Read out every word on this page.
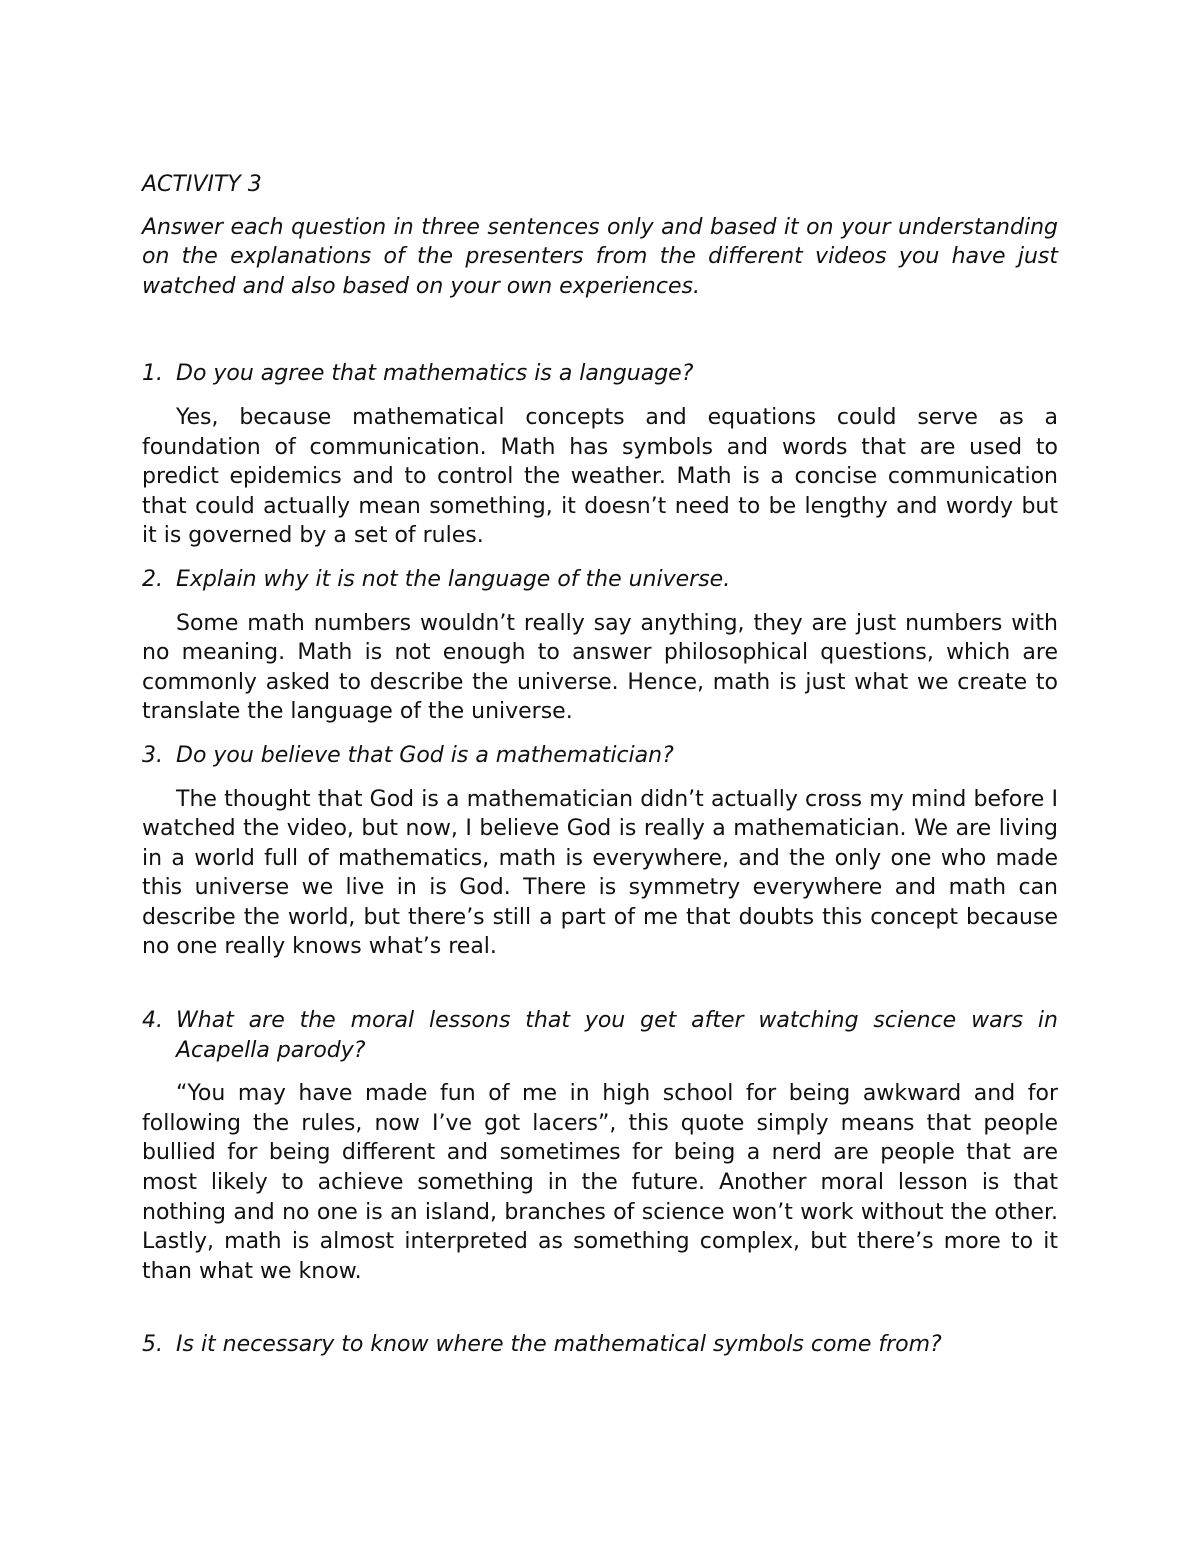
ACTIVITY 3
Answer each question in three sentences only and based it on your understanding on the explanations of the presenters from the different videos you have just watched and also based on your own experiences.
1. Do you agree that mathematics is a language?
Yes, because mathematical concepts and equations could serve as a foundation of communication. Math has symbols and words that are used to predict epidemics and to control the weather. Math is a concise communication that could actually mean something, it doesn’t need to be lengthy and wordy but it is governed by a set of rules.
2. Explain why it is not the language of the universe.
Some math numbers wouldn’t really say anything, they are just numbers with no meaning. Math is not enough to answer philosophical questions, which are commonly asked to describe the universe. Hence, math is just what we create to translate the language of the universe.
3. Do you believe that God is a mathematician?
The thought that God is a mathematician didn’t actually cross my mind before I watched the video, but now, I believe God is really a mathematician. We are living in a world full of mathematics, math is everywhere, and the only one who made this universe we live in is God. There is symmetry everywhere and math can describe the world, but there’s still a part of me that doubts this concept because no one really knows what’s real.
4. What are the moral lessons that you get after watching science wars in Acapella parody?
“You may have made fun of me in high school for being awkward and for following the rules, now I’ve got lacers”, this quote simply means that people bullied for being different and sometimes for being a nerd are people that are most likely to achieve something in the future. Another moral lesson is that nothing and no one is an island, branches of science won’t work without the other. Lastly, math is almost interpreted as something complex, but there’s more to it than what we know.
5. Is it necessary to know where the mathematical symbols come from?
